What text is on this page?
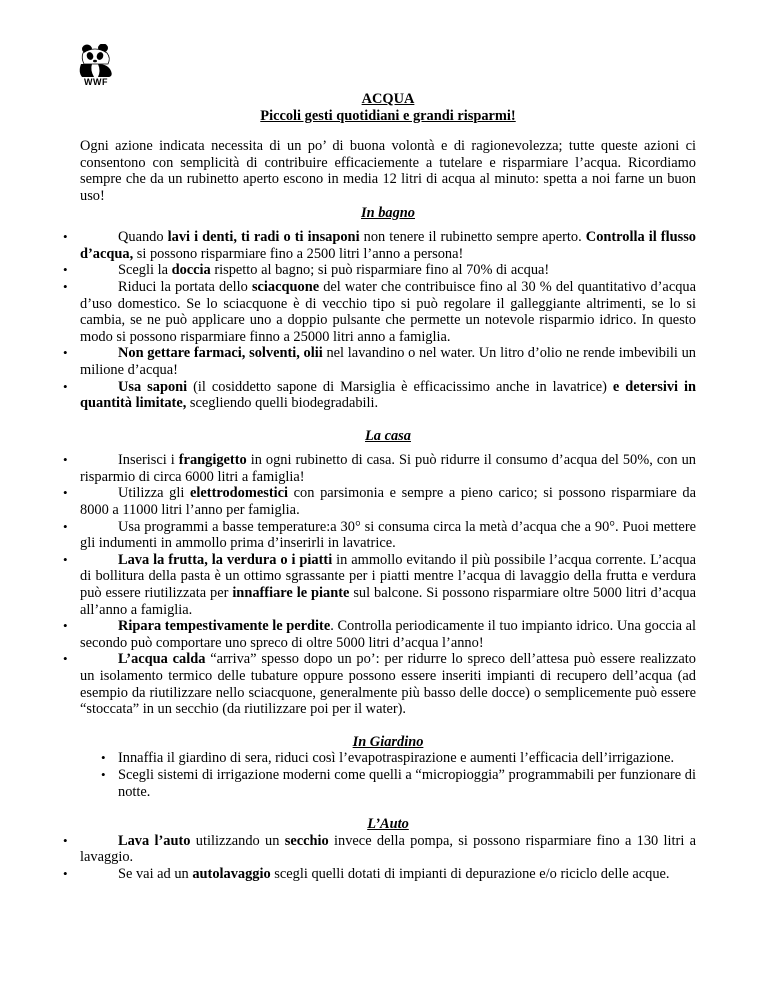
WWF
ACQUA
Piccoli gesti quotidiani e grandi risparmi!
Ogni azione indicata necessita di un po’ di buona volontà e di ragionevolezza; tutte queste azioni ci consentono con semplicità di contribuire efficaciemente a tutelare e risparmiare l’acqua. Ricordiamo sempre che da un rubinetto aperto escono in media 12 litri di acqua al minuto: spetta a noi farne un buon uso!
In bagno
• Quando lavi i denti, ti radi o ti insaponi non tenere il rubinetto sempre aperto. Controlla il flusso d’acqua, si possono risparmiare fino a 2500 litri l’anno a persona!
• Scegli la doccia rispetto al bagno; si può risparmiare fino al 70% di acqua!
• Riduci la portata dello sciacquone del water che contribuisce fino al 30 % del quantitativo d’acqua d’uso domestico. Se lo sciacquone è di vecchio tipo si può regolare il galleggiante altrimenti, se lo si cambia, se ne può applicare uno a doppio pulsante che permette un notevole risparmio idrico. In questo modo si possono risparmiare finno a 25000 litri anno a famiglia.
• Non gettare farmaci, solventi, olii nel lavandino o nel water. Un litro d’olio ne rende imbevibili un milione d’acqua!
• Usa saponi (il cosiddetto sapone di Marsiglia è efficacissimo anche in lavatrice) e detersivi in quantità limitate, scegliendo quelli biodegradabili.
La casa
• Inserisci i frangigetto in ogni rubinetto di casa. Si può ridurre il consumo d’acqua del 50%, con un risparmio di circa 6000 litri a famiglia!
• Utilizza gli elettrodomestici con parsimonia e sempre a pieno carico; si possono risparmiare da 8000 a 11000 litri l’anno per famiglia.
• Usa programmi a basse temperature:a 30° si consuma circa la metà d’acqua che a 90°. Puoi mettere gli indumenti in ammollo prima d’inserirli in lavatrice.
• Lava la frutta, la verdura o i piatti in ammollo evitando il più possibile l’acqua corrente. L’acqua di bollitura della pasta è un ottimo sgrassante per i piatti mentre l’acqua di lavaggio della frutta e verdura può essere riutilizzata per innaffiare le piante sul balcone. Si possono risparmiare oltre 5000 litri d’acqua all’anno a famiglia.
• Ripara tempestivamente le perdite. Controlla periodicamente il tuo impianto idrico. Una goccia al secondo può comportare uno spreco di oltre 5000 litri d’acqua l’anno!
• L’acqua calda “arriva” spesso dopo un po’: per ridurre lo spreco dell’attesa può essere realizzato un isolamento termico delle tubature oppure possono essere inseriti impianti di recupero dell’acqua (ad esempio da riutilizzare nello sciacquone, generalmente più basso delle docce) o semplicemente può essere “stoccata” in un secchio (da riutilizzare poi per il water).
In Giardino
• Innaffia il giardino di sera, riduci così l’evapotraspirazione e aumenti l’efficacia dell’irrigazione.
• Scegli sistemi di irrigazione moderni come quelli a “micropioggia” programmabili per funzionare di notte.
L’Auto
• Lava l’auto utilizzando un secchio invece della pompa, si possono risparmiare fino a 130 litri a lavaggio.
• Se vai ad un autolavaggio scegli quelli dotati di impianti di depurazione e/o riciclo delle acque.
